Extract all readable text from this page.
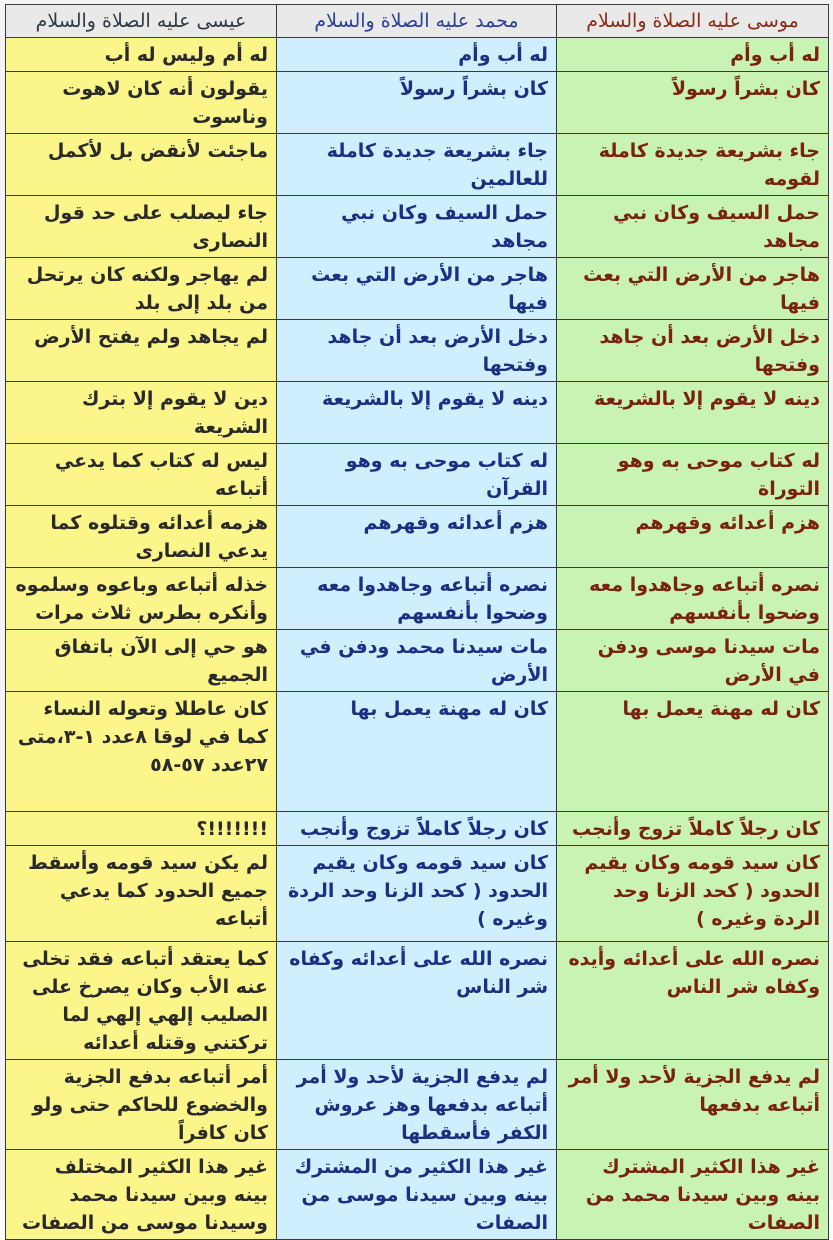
عيسى عليه الصلاة والسلام	محمد عليه الصلاة والسلام	موسى عليه الصلاة والسلام
له أم وليس له أب	له أب وأم	له أب وأم
يقولون أنه كان لاهوت وناسوت	كان بشراً رسولاً	كان بشراً رسولاً
ماجئت لأنقض بل لأكمل	جاء بشريعة جديدة كاملة للعالمين	جاء بشريعة جديدة كاملة لقومه
جاء ليصلب على حد قول النصارى	حمل السيف وكان نبي مجاهد	حمل السيف وكان نبي مجاهد
لم يهاجر ولكنه كان يرتحل من بلد إلى بلد	هاجر من الأرض التي بعث فيها	هاجر من الأرض التي بعث فيها
لم يجاهد ولم يفتح الأرض	دخل الأرض بعد أن جاهد وفتحها	دخل الأرض بعد أن جاهد وفتحها
دين لا يقوم إلا بترك الشريعة	دينه لا يقوم إلا بالشريعة	دينه لا يقوم إلا بالشريعة
ليس له كتاب كما يدعي أتباعه	له كتاب موحى به وهو القرآن	له كتاب موحى به وهو التوراة
هزمه أعدائه وقتلوه كما يدعي النصارى	هزم أعدائه وقهرهم	هزم أعدائه وقهرهم
خذله أتباعه وباعوه وسلموه وأنكره بطرس ثلاث مرات	نصره أتباعه وجاهدوا معه وضحوا بأنفسهم	نصره أتباعه وجاهدوا معه وضحوا بأنفسهم
هو حي إلى الآن باتفاق الجميع	مات سيدنا محمد ودفن في الأرض	مات سيدنا موسى ودفن في الأرض
كان عاطلا وتعوله النساء كما في لوقا ٨عدد ١-٣،متى ٢٧عدد ٥٧-٥٨	كان له مهنة يعمل بها	كان له مهنة يعمل بها
!!!!!!!؟	كان رجلاً كاملاً تزوج وأنجب	كان رجلاً كاملاً تزوج وأنجب
لم يكن سيد قومه وأسقط جميع الحدود كما يدعي أتباعه	كان سيد قومه وكان يقيم الحدود ( كحد الزنا وحد الردة وغيره )	كان سيد قومه وكان يقيم الحدود ( كحد الزنا وحد الردة وغيره )
كما يعتقد أتباعه فقد تخلى عنه الأب وكان يصرخ على الصليب إلهي إلهي لما تركتني وقتله أعدائه	نصره الله على أعدائه وكفاه شر الناس	نصره الله على أعدائه وأيده وكفاه شر الناس
أمر أتباعه بدفع الجزية والخضوع للحاكم حتى ولو كان كافراً	لم يدفع الجزية لأحد ولا أمر أتباعه بدفعها وهز عروش الكفر فأسقطها	لم يدفع الجزية لأحد ولا أمر أتباعه بدفعها
غير هذا الكثير المختلف بينه وبين سيدنا محمد وسيدنا موسى من الصفات	غير هذا الكثير من المشترك بينه وبين سيدنا موسى من الصفات	غير هذا الكثير المشترك بينه وبين سيدنا محمد من الصفات
